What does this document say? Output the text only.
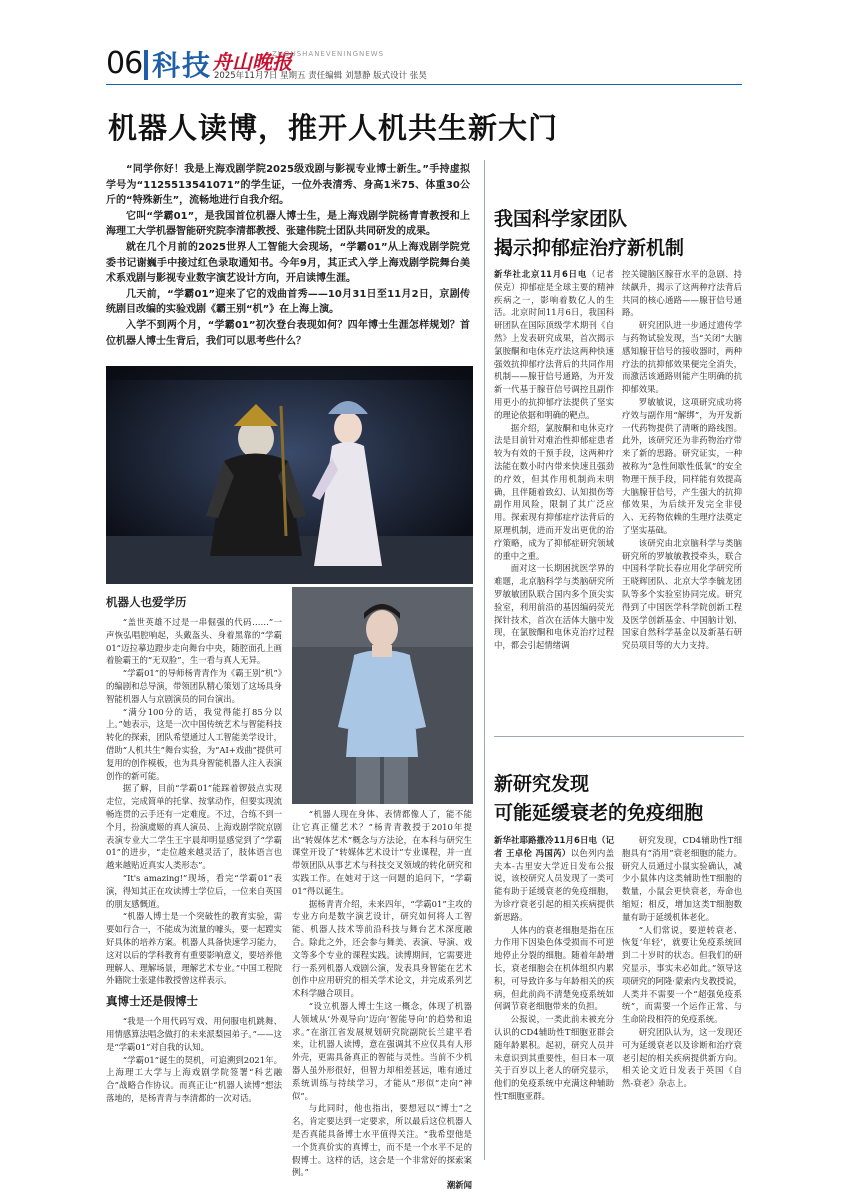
06 科技 舟山晚报
ZHOUSHANEVENINGNEWS
2025年11月7日 星期五 责任编辑 刘慧静 版式设计 张昊
机器人读博，推开人机共生新大门

“同学你好！我是上海戏剧学院2025级戏剧与影视专业博士新生。”手持虚拟学号为“1125513541071”的学生证，一位外表清秀、身高1米75、体重30公斤的“特殊新生”，流畅地进行自我介绍。

它叫“学霸01”，是我国首位机器人博士生，是上海戏剧学院杨青青教授和上海理工大学机器智能研究院李清都教授、张建伟院士团队共同研发的成果。

就在几个月前的2025世界人工智能大会现场，“学霸01”从上海戏剧学院党委书记谢巍手中接过红色录取通知书。今年9月，其正式入学上海戏剧学院舞台美术系戏剧与影视专业数字演艺设计方向，开启读博生涯。

几天前，“学霸01”迎来了它的戏曲首秀——10月31日至11月2日，京剧传统剧目改编的实验戏剧《霸王别“机”》在上海上演。

入学不到两个月，“学霸01”初次登台表现如何？四年博士生涯怎样规划？首位机器人博士生背后，我们可以思考些什么？

机器人也爱学历

“盖世英雄不过是一串倔强的代码……”一声恢弘唱腔响起，头戴盔头、身着黑靠的“学霸01”迈拉摹边蹬步走向舞台中央，随腔面孔上画着脸霸王的“无双脸”，生一看与真人无异。

“学霸01”的导师杨青青作为《霸王别“机”》的编剧和总导演，带领团队精心策划了这场具身智能机器人与京剧演员的同台演出。

“满分100分的话，我觉得能打85分以上。”她表示，这是一次中国传统艺术与智能科技转化的探索，团队希望通过人工智能美学设计，借助“人机共生”舞台实验，为“AI+戏曲”提供可复用的创作模板，也为具身智能机器人注入表演创作的新可能。

据了解，目前“学霸01”能踩着锣鼓点实现走位，完成简单的托掌、按掌动作，但要实现流畅连贯的云手还有一定难度。不过，合练不到一个月，扮演虞姬的真人演员、上海戏剧学院京剧表演专业大二学生王宇晨却明显感觉到了“学霸01”的进步，“走位越来越灵活了，肢体语言也越来越贴近真实人类形态”。

“It's amazing!”现场，看完“学霸01”表演，得知其正在攻读博士学位后，一位来自英国的朋友感慨道。

“机器人博士是一个突破性的教育实验，需要如行合一，不能成为流量的噱头，要一起蹚实好具体的培养方案。机器人具备快速学习能力，这对以后的学科教育有重要影响意义，要培养他理解人、理解场景，理解艺术专业。”中国工程院外籍院士张建伟教授曾这样表示。

真博士还是假博士

“我是一个用代码写戏、用伺服电机跳舞、用情感算法唱念做打的未来派梨园弟子。”——这是“学霸01”对自我的认知。

“学霸01”诞生的契机，可追溯到2021年。上海理工大学与上海戏剧学院签署“科艺融合”战略合作协议。而真正让“机器人读博”想法落地的，是杨青青与李清都的一次对话。

“机器人现在身体、表情都像人了，能不能让它真正懂艺术？”杨青青教授于2010年提出“转媒体艺术”概念与方法论，在本科与研究生课堂开设了“转媒体艺术设计”专业课程，并一直带领团队从事艺术与科技交叉领域的转化研究和实践工作。在她对于这一问题的追问下，“学霸01”得以诞生。

据杨青青介绍，未来四年，“学霸01”主攻的专业方向是数字演艺设计，研究如何将人工智能、机器人技术等前沿科技与舞台艺术深度融合。除此之外，还会参与舞美、表演、导演、戏文等多个专业的课程实践。读博期间，它需要进行一系列机器人戏剧公演，发表具身智能在艺术创作中应用研究的相关学术论文，并完成系列艺术科学融合项目。

“设立机器人博士生这一概念，体现了机器人领域从‘外观导向’迈向‘智能导向’的趋势和追求。”在浙江省发展规划研究院副院长兰建平看来，让机器人读博，意在强调其不应仅具有人形外壳，更需具备真正的智能与灵性。当前不少机器人虽外形很好，但智力却相差甚远，唯有通过系统训练与持续学习，才能从“形似”走向“神似”。

与此同时，他也指出，要想冠以“博士”之名，肯定要达到一定要求，所以最后这位机器人是否真能具备博士水平值得关注。“我希望他是一个货真价实的真博士，而不是一个水平不足的假博士。这样的话，这会是一个非常好的探索案例。”

潮新闻

我国科学家团队
揭示抑郁症治疗新机制

新华社北京11月6日电（记者 侯克）抑郁症是全球主要的精神疾病之一，影响着数亿人的生活。北京时间11月6日，我国科研团队在国际顶级学术期刊《自然》上发表研究成果，首次揭示氯胺酮和电休克疗法这两种快速强效抗抑郁疗法背后的共同作用机制——腺苷信号通路，为开发新一代基于腺苷信号调控且副作用更小的抗抑郁疗法提供了坚实的理论依据和明确的靶点。

据介绍，氯胺酮和电休克疗法是目前针对难治性抑郁症患者较为有效的干预手段，这两种疗法能在数小时内带来快速且强劲的疗效，但其作用机制尚未明确，且伴随着致幻、认知损伤等副作用风险，限制了其广泛应用。探索现有抑郁症疗法背后的原理机制，进而开发出更优的治疗策略，成为了抑郁症研究领域的重中之重。

面对这一长期困扰医学界的难题，北京脑科学与类脑研究所罗敏敏团队联合国内多个顶尖实验室，利用前沿的基因编码荧光探针技术，首次在活体大脑中发现，在氯胺酮和电休克治疗过程中，都会引起情绪调

控关键脑区腺苷水平的急剧、持续飙升，揭示了这两种疗法背后共同的核心通路——腺苷信号通路。

研究团队进一步通过遗传学与药物试验发现，当“关闭”大脑感知腺苷信号的接收器时，两种疗法的抗抑郁效果便完全消失，而激活该通路则能产生明确的抗抑郁效果。

罗敏敏说，这项研究成功将疗效与副作用“解绑”，为开发新一代药物提供了清晰的路线图。此外，该研究还为非药物治疗带来了新的思路。研究证实，一种被称为“急性间歇性低氧”的安全物理干预手段，同样能有效提高大脑腺苷信号，产生强大的抗抑郁效果，为后续开发完全非侵入、无药物依赖的生理疗法奠定了坚实基础。

该研究由北京脑科学与类脑研究所的罗敏敏教授牵头，联合中国科学院长春应用化学研究所王晓辉团队、北京大学李毓龙团队等多个实验室协同完成。研究得到了中国医学科学院创新工程及医学创新基金、中国脑计划、国家自然科学基金以及新基石研究员项目等的大力支持。

新研究发现
可能延缓衰老的免疫细胞

新华社耶路撒冷11月6日电（记者 王卓伦 冯国芮）以色列内盖夫本-古里安大学近日发布公报说，该校研究人员发现了一类可能有助于延缓衰老的免疫细胞，为诊疗衰老引起的相关疾病提供新思路。

人体内的衰老细胞是指在压力作用下因染色体受损而不可逆地停止分裂的细胞。随着年龄增长，衰老细胞会在机体组织内累积，可导致许多与年龄相关的疾病，但此前尚不清楚免疫系统如何调节衰老细胞带来的负担。

公报说，一类此前未被充分认识的CD4辅助性T细胞亚群会随年龄累积。起初，研究人员并未意识到其重要性，但日本一项关于百岁以上老人的研究显示，他们的免疫系统中充满这种辅助性T细胞亚群。

研究发现，CD4辅助性T细胞具有“消用”衰老细胞的能力。研究人员通过小鼠实验确认，减少小鼠体内这类辅助性T细胞的数量，小鼠会更快衰老，寿命也缩短；相反，增加这类T细胞数量有助于延缓机体老化。

“人们常说，要逆转衰老、恢复‘年轻’，就要让免疫系统回到二十岁时的状态。但我们的研究显示，事实未必如此。”领导这项研究的阿隆·蒙索内戈教授说，人类并不需要一个“超强免疫系统”，而需要一个运作正常、与生命阶段相符的免疫系统。

研究团队认为，这一发现还可为延缓衰老以及诊断和治疗衰老引起的相关疾病提供新方向。相关论文近日发表于英国《自然-衰老》杂志上。
